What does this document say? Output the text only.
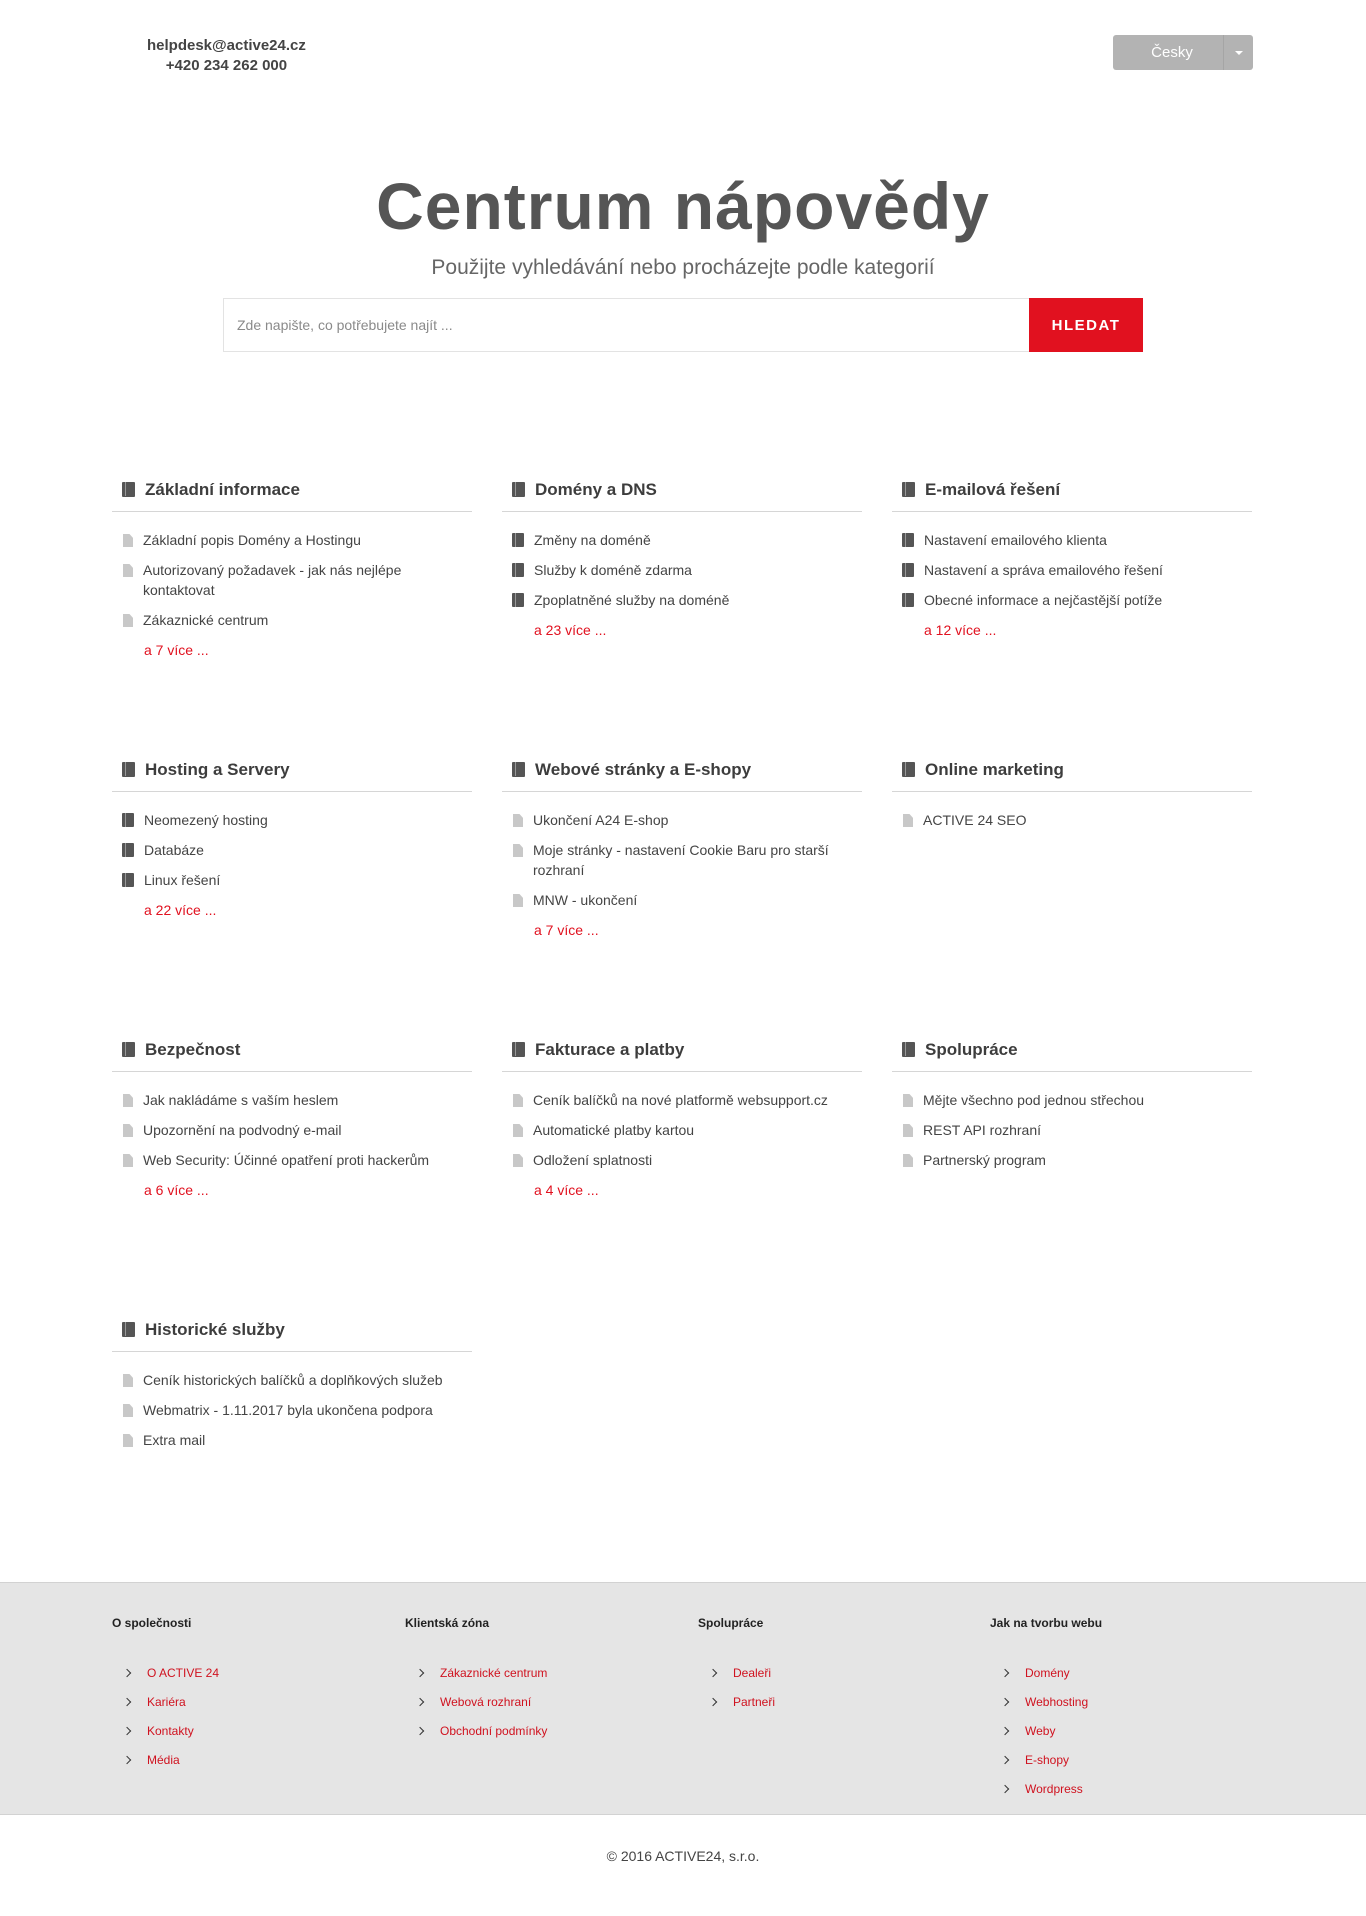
helpdesk@active24.cz
+420 234 262 000
Česky
Centrum nápovědy
Použijte vyhledávání nebo procházejte podle kategorií
Zde napište, co potřebujete najít ...
HLEDAT
Základní informace
Základní popis Domény a Hostingu
Autorizovaný požadavek - jak nás nejlépe kontaktovat
Zákaznické centrum
a 7 více ...
Domény a DNS
Změny na doméně
Služby k doméně zdarma
Zpoplatněné služby na doméně
a 23 více ...
E-mailová řešení
Nastavení emailového klienta
Nastavení a správa emailového řešení
Obecné informace a nejčastější potíže
a 12 více ...
Hosting a Servery
Neomezený hosting
Databáze
Linux řešení
a 22 více ...
Webové stránky a E-shopy
Ukončení A24 E-shop
Moje stránky - nastavení Cookie Baru pro starší rozhraní
MNW - ukončení
a 7 více ...
Online marketing
ACTIVE 24 SEO
Bezpečnost
Jak nakládáme s vaším heslem
Upozornění na podvodný e-mail
Web Security: Účinné opatření proti hackerům
a 6 více ...
Fakturace a platby
Ceník balíčků na nové platformě websupport.cz
Automatické platby kartou
Odložení splatnosti
a 4 více ...
Spolupráce
Mějte všechno pod jednou střechou
REST API rozhraní
Partnerský program
Historické služby
Ceník historických balíčků a doplňkových služeb
Webmatrix - 1.11.2017 byla ukončena podpora
Extra mail
O společnosti
O ACTIVE 24
Kariéra
Kontakty
Média
Klientská zóna
Zákaznické centrum
Webová rozhraní
Obchodní podmínky
Spolupráce
Dealeři
Partneři
Jak na tvorbu webu
Domény
Webhosting
Weby
E-shopy
Wordpress
© 2016 ACTIVE24, s.r.o.
